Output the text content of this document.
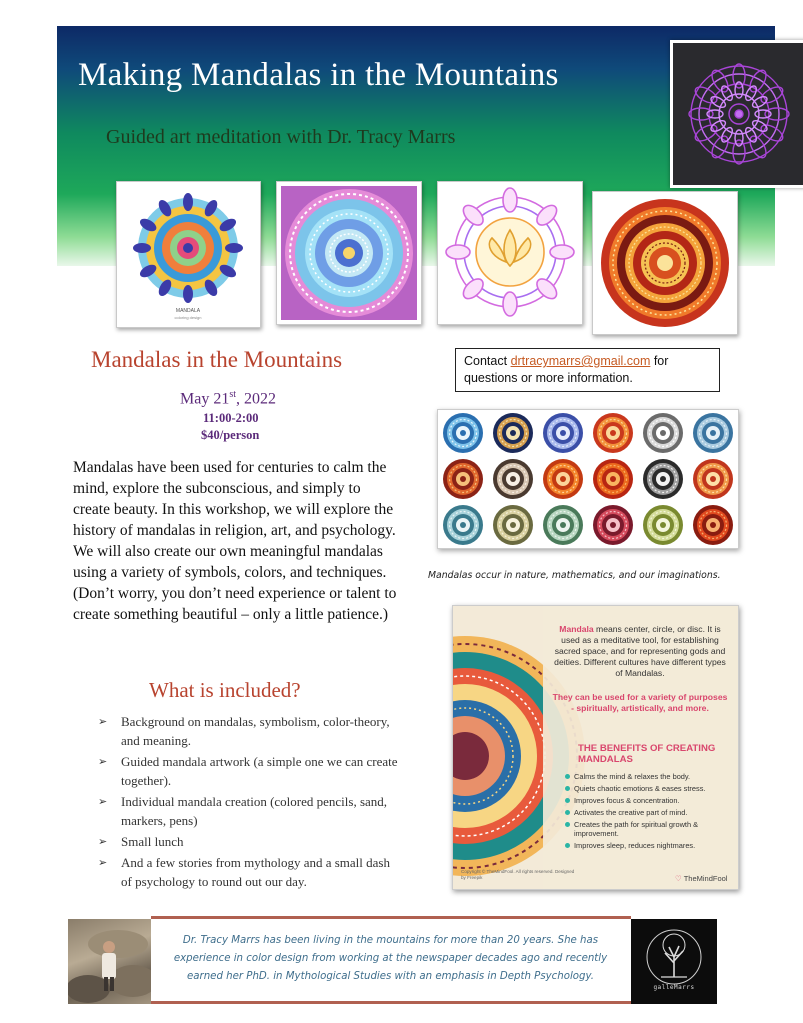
Making Mandalas in the Mountains
Guided art meditation with Dr. Tracy Marrs
MANDALA
coloring design
Mandalas in the Mountains
May 21st, 2022
11:00-2:00
$40/person

Mandalas have been used for centuries to calm the mind, explore the subconscious, and simply to create beauty. In this workshop, we will explore the history of mandalas in religion, art, and psychology. We will also create our own meaningful mandalas using a variety of symbols, colors, and techniques. (Don’t worry, you don’t need experience or talent to create something beautiful – only a little patience.)

What is included?
➢ Background on mandalas, symbolism, color-theory, and meaning.
➢ Guided mandala artwork (a simple one we can create together).
➢ Individual mandala creation (colored pencils, sand, markers, pens)
➢ Small lunch
➢ And a few stories from mythology and a small dash of psychology to round out our day.
Contact drtracymarrs@gmail.com for questions or more information.
Mandalas occur in nature, mathematics, and our imaginations.
Mandala means center, circle, or disc. It is used as a meditative tool, for establishing sacred space, and for representing gods and deities. Different cultures have different types of Mandalas.
They can be used for a variety of purposes - spiritually, artistically, and more.
THE BENEFITS OF CREATING MANDALAS
Calms the mind & relaxes the body.
Quiets chaotic emotions & eases stress.
Improves focus & concentration.
Activates the creative part of mind.
Creates the path for spiritual growth & improvement.
Improves sleep, reduces nightmares.
Copyright © TheMindFool. All rights reserved. Designed by Freepik	♡ TheMindFool

Dr. Tracy Marrs has been living in the mountains for more than 20 years. She has experience in color design from working at the newspaper decades ago and recently earned her PhD. in Mythological Studies with an emphasis in Depth Psychology.

galleMarrs
